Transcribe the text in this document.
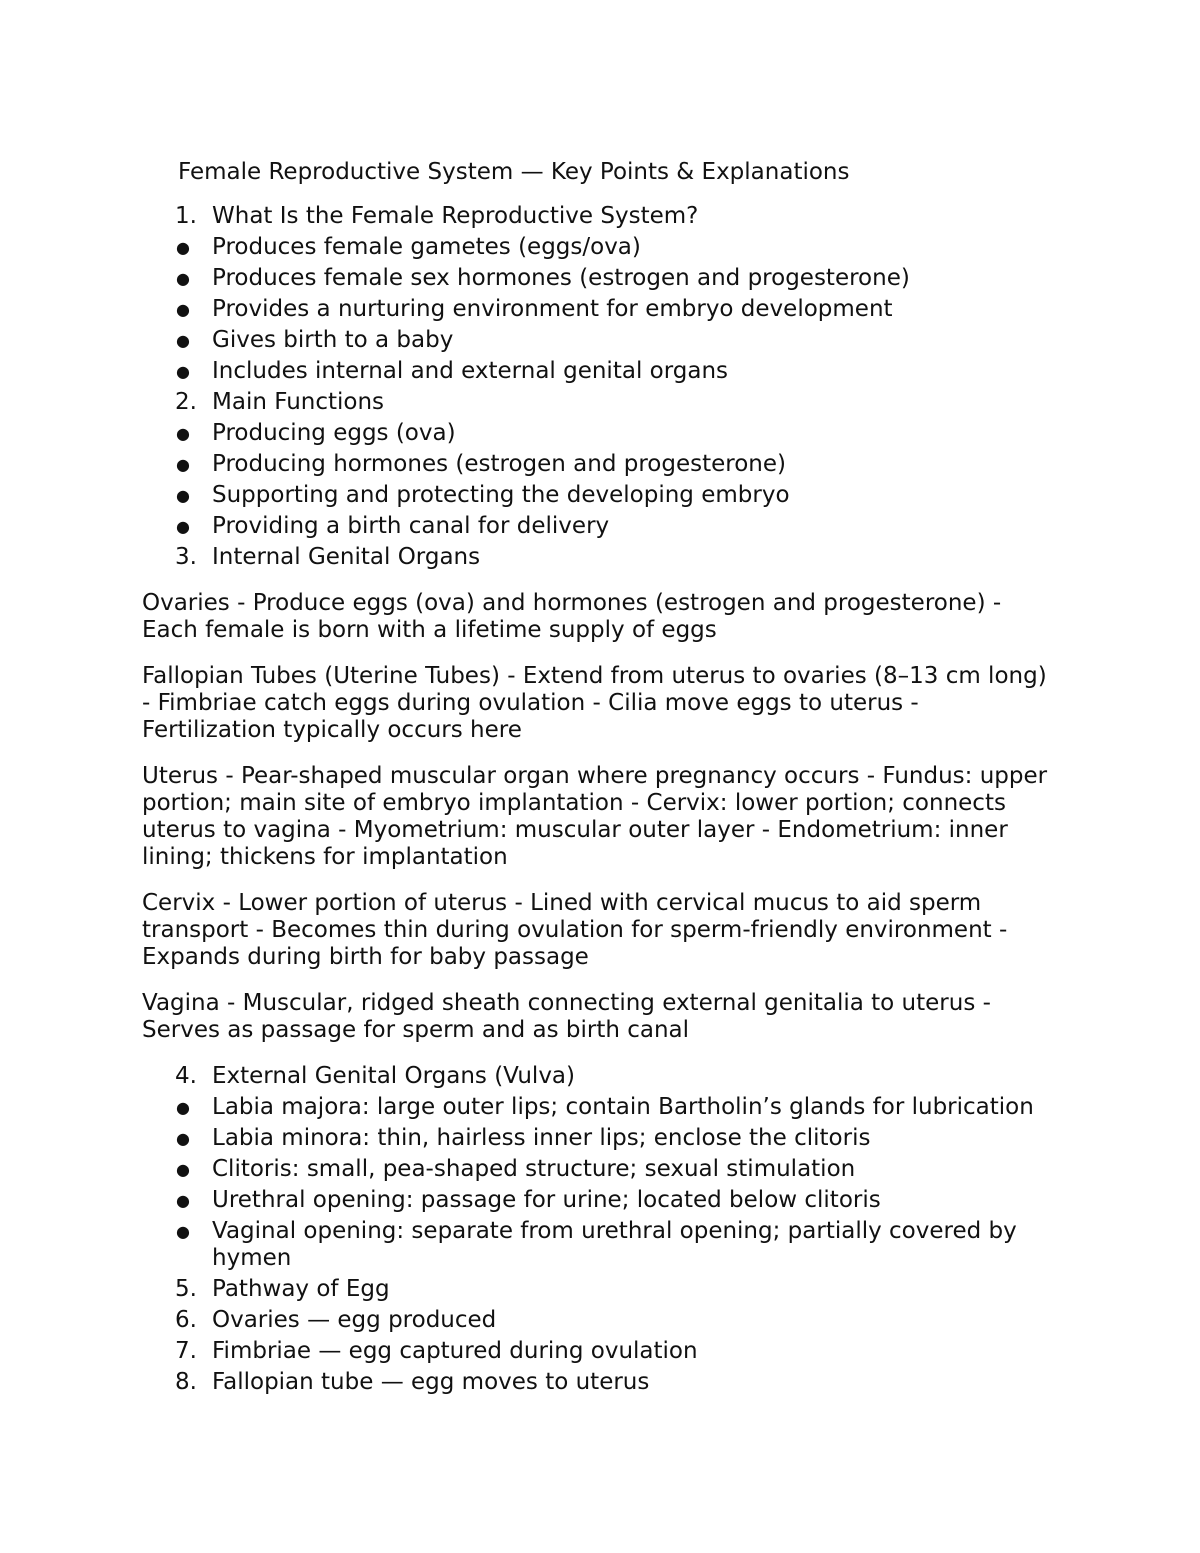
Female Reproductive System — Key Points & Explanations
1. What Is the Female Reproductive System?
● Produces female gametes (eggs/ova)
● Produces female sex hormones (estrogen and progesterone)
● Provides a nurturing environment for embryo development
● Gives birth to a baby
● Includes internal and external genital organs
2. Main Functions
● Producing eggs (ova)
● Producing hormones (estrogen and progesterone)
● Supporting and protecting the developing embryo
● Providing a birth canal for delivery
3. Internal Genital Organs

Ovaries - Produce eggs (ova) and hormones (estrogen and progesterone) - Each female is born with a lifetime supply of eggs

Fallopian Tubes (Uterine Tubes) - Extend from uterus to ovaries (8–13 cm long) - Fimbriae catch eggs during ovulation - Cilia move eggs to uterus - Fertilization typically occurs here

Uterus - Pear-shaped muscular organ where pregnancy occurs - Fundus: upper portion; main site of embryo implantation - Cervix: lower portion; connects uterus to vagina - Myometrium: muscular outer layer - Endometrium: inner lining; thickens for implantation

Cervix - Lower portion of uterus - Lined with cervical mucus to aid sperm transport - Becomes thin during ovulation for sperm-friendly environment - Expands during birth for baby passage

Vagina - Muscular, ridged sheath connecting external genitalia to uterus - Serves as passage for sperm and as birth canal

4. External Genital Organs (Vulva)
● Labia majora: large outer lips; contain Bartholin’s glands for lubrication
● Labia minora: thin, hairless inner lips; enclose the clitoris
● Clitoris: small, pea-shaped structure; sexual stimulation
● Urethral opening: passage for urine; located below clitoris
● Vaginal opening: separate from urethral opening; partially covered by hymen
5. Pathway of Egg
6. Ovaries — egg produced
7. Fimbriae — egg captured during ovulation
8. Fallopian tube — egg moves to uterus
